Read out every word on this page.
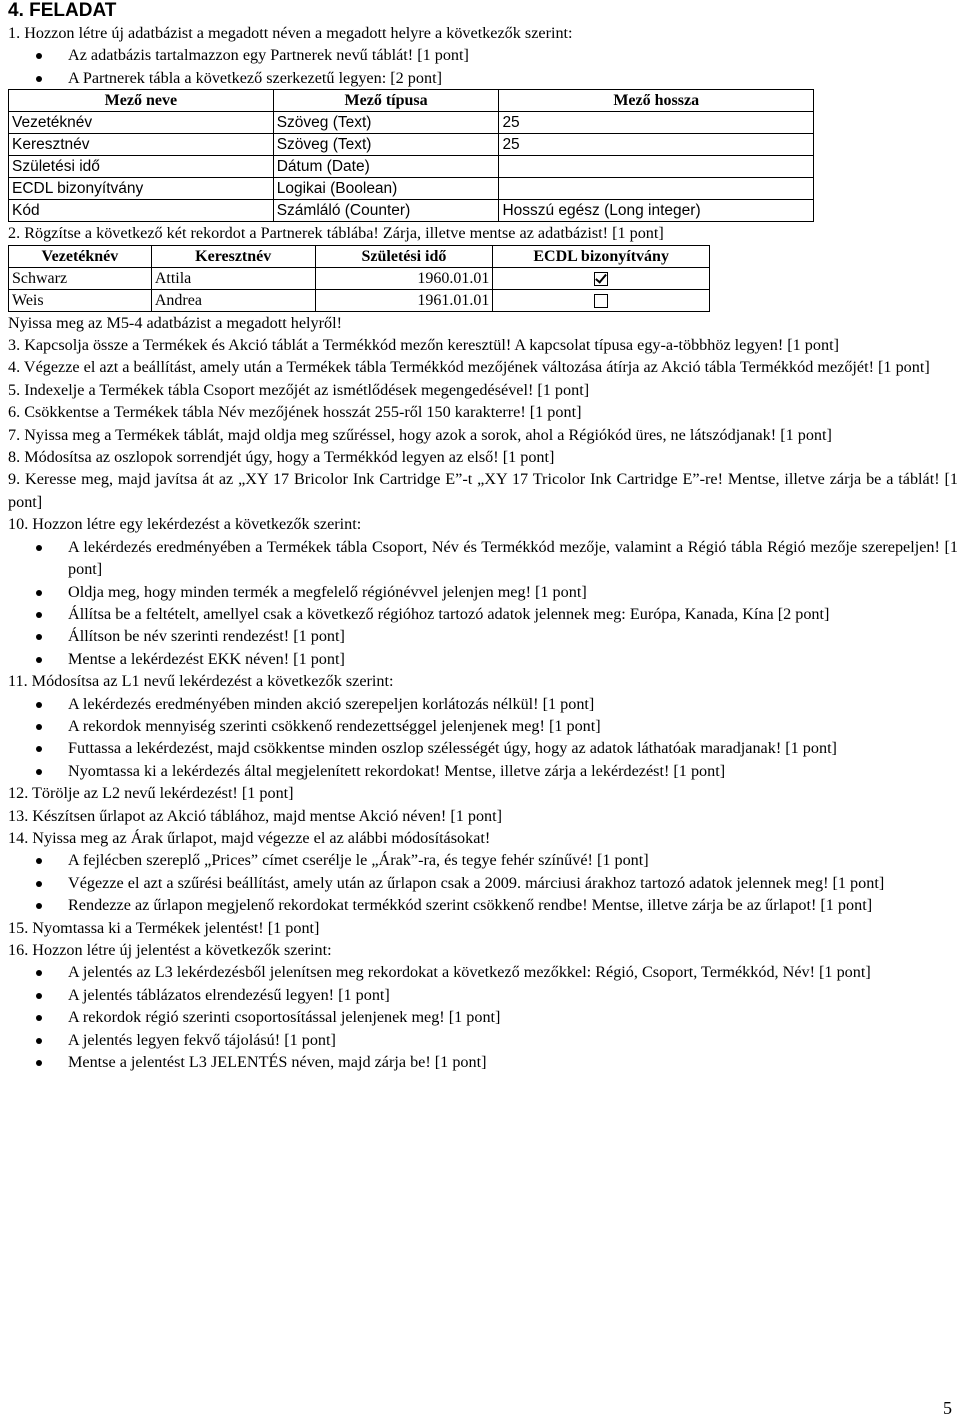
4. FELADAT

1. Hozzon létre új adatbázist a megadott néven a megadott helyre a következők szerint:

Az adatbázis tartalmazzon egy Partnerek nevű táblát! [1 pont]
A Partnerek tábla a következő szerkezetű legyen: [2 pont]
Mező neve	Mező típusa	Mező hossza
Vezetéknév	Szöveg (Text)	25
Keresztnév	Szöveg (Text)	25
Születési idő	Dátum (Date)	
ECDL bizonyítvány	Logikai (Boolean)	
Kód	Számláló (Counter)	Hosszú egész (Long integer)

2. Rögzítse a következő két rekordot a Partnerek táblába! Zárja, illetve mentse az adatbázist! [1 pont]

Vezetéknév	Keresztnév	Születési idő	ECDL bizonyítvány
Schwarz	Attila	1960.01.01	

Weis	Andrea	1961.01.01	

Nyissa meg az M5-4 adatbázist a megadott helyről!

3. Kapcsolja össze a Termékek és Akció táblát a Termékkód mezőn keresztül! A kapcsolat típusa egy-a-többhöz legyen! [1 pont]

4. Végezze el azt a beállítást, amely után a Termékek tábla Termékkód mezőjének változása átírja az Akció tábla Termékkód mezőjét! [1 pont]

5. Indexelje a Termékek tábla Csoport mezőjét az ismétlődések megengedésével! [1 pont]

6. Csökkentse a Termékek tábla Név mezőjének hosszát 255-ről 150 karakterre! [1 pont]

7. Nyissa meg a Termékek táblát, majd oldja meg szűréssel, hogy azok a sorok, ahol a Régiókód üres, ne látszódjanak! [1 pont]

8. Módosítsa az oszlopok sorrendjét úgy, hogy a Termékkód legyen az első! [1 pont]

9. Keresse meg, majd javítsa át az „XY 17 Bricolor Ink Cartridge E”-t „XY 17 Tricolor Ink Cartridge E”-re! Mentse, illetve zárja be a táblát! [1 pont]

10. Hozzon létre egy lekérdezést a következők szerint:

A lekérdezés eredményében a Termékek tábla Csoport, Név és Termékkód mezője, valamint a Régió tábla Régió mezője szerepeljen! [1 pont]
Oldja meg, hogy minden termék a megfelelő régiónévvel jelenjen meg! [1 pont]
Állítsa be a feltételt, amellyel csak a következő régióhoz tartozó adatok jelennek meg: Európa, Kanada, Kína [2 pont]
Állítson be név szerinti rendezést! [1 pont]
Mentse a lekérdezést EKK néven! [1 pont]

11. Módosítsa az L1 nevű lekérdezést a következők szerint:

A lekérdezés eredményében minden akció szerepeljen korlátozás nélkül! [1 pont]
A rekordok mennyiség szerinti csökkenő rendezettséggel jelenjenek meg! [1 pont]
Futtassa a lekérdezést, majd csökkentse minden oszlop szélességét úgy, hogy az adatok láthatóak maradjanak! [1 pont]
Nyomtassa ki a lekérdezés által megjelenített rekordokat! Mentse, illetve zárja a lekérdezést! [1 pont]

12. Törölje az L2 nevű lekérdezést! [1 pont]

13. Készítsen űrlapot az Akció táblához, majd mentse Akció néven! [1 pont]

14. Nyissa meg az Árak űrlapot, majd végezze el az alábbi módosításokat!

A fejlécben szereplő „Prices” címet cserélje le „Árak”-ra, és tegye fehér színűvé! [1 pont]
Végezze el azt a szűrési beállítást, amely után az űrlapon csak a 2009. márciusi árakhoz tartozó adatok jelennek meg! [1 pont]
Rendezze az űrlapon megjelenő rekordokat termékkód szerint csökkenő rendbe! Mentse, illetve zárja be az űrlapot! [1 pont]

15. Nyomtassa ki a Termékek jelentést! [1 pont]

16. Hozzon létre új jelentést a következők szerint:

A jelentés az L3 lekérdezésből jelenítsen meg rekordokat a következő mezőkkel: Régió, Csoport, Termékkód, Név! [1 pont]
A jelentés táblázatos elrendezésű legyen! [1 pont]
A rekordok régió szerinti csoportosítással jelenjenek meg! [1 pont]
A jelentés legyen fekvő tájolású! [1 pont]
Mentse a jelentést L3 JELENTÉS néven, majd zárja be! [1 pont]
5
